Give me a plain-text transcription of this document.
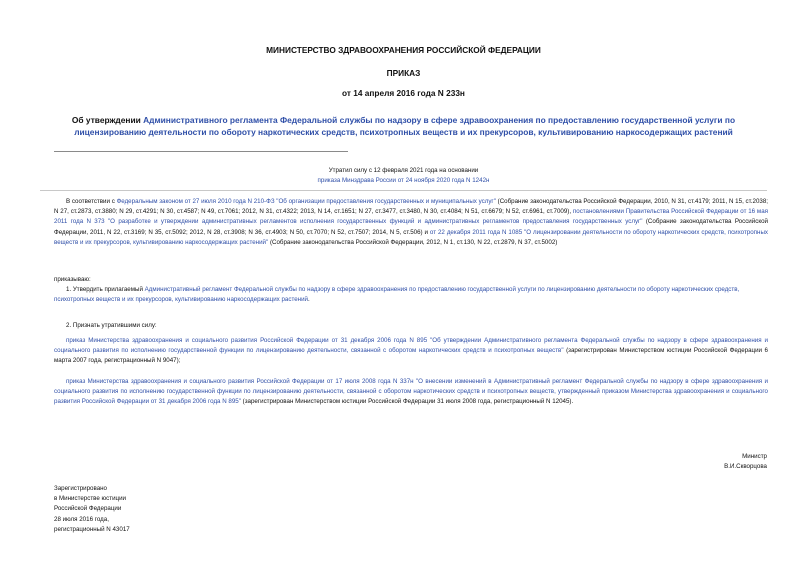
МИНИСТЕРСТВО ЗДРАВООХРАНЕНИЯ РОССИЙСКОЙ ФЕДЕРАЦИИ
ПРИКАЗ
от 14 апреля 2016 года N 233н
Об утверждении Административного регламента Федеральной службы по надзору в сфере здравоохранения по предоставлению государственной услуги по лицензированию деятельности по обороту наркотических средств, психотропных веществ и их прекурсоров, культивированию наркосодержащих растений
Утратил силу с 12 февраля 2021 года на основании
приказа Минздрава России от 24 ноября 2020 года N 1242н
В соответствии с Федеральным законом от 27 июля 2010 года N 210-ФЗ "Об организации предоставления государственных и муниципальных услуг" (Собрание законодательства Российской Федерации, 2010, N 31, ст.4179; 2011, N 15, ст.2038; N 27, ст.2873, ст.3880; N 29, ст.4291; N 30, ст.4587; N 49, ст.7061; 2012, N 31, ст.4322; 2013, N 14, ст.1651; N 27, ст.3477, ст.3480, N 30, ст.4084; N 51, ст.6679; N 52, ст.6961, ст.7009), постановлениями Правительства Российской Федерации от 16 мая 2011 года N 373 "О разработке и утверждении административных регламентов исполнения государственных функций и административных регламентов предоставления государственных услуг" (Собрание законодательства Российской Федерации, 2011, N 22, ст.3169; N 35, ст.5092; 2012, N 28, ст.3908; N 36, ст.4903; N 50, ст.7070; N 52, ст.7507; 2014, N 5, ст.506) и от 22 декабря 2011 года N 1085 "О лицензировании деятельности по обороту наркотических средств, психотропных веществ и их прекурсоров, культивированию наркосодержащих растений" (Собрание законодательства Российской Федерации, 2012, N 1, ст.130, N 22, ст.2879, N 37, ст.5002)
приказываю:
1. Утвердить прилагаемый Административный регламент Федеральной службы по надзору в сфере здравоохранения по предоставлению государственной услуги по лицензированию деятельности по обороту наркотических средств, психотропных веществ и их прекурсоров, культивированию наркосодержащих растений.
2. Признать утратившими силу:
приказ Министерства здравоохранения и социального развития Российской Федерации от 31 декабря 2006 года N 895 "Об утверждении Административного регламента Федеральной службы по надзору в сфере здравоохранения и социального развития по исполнению государственной функции по лицензированию деятельности, связанной с оборотом наркотических средств и психотропных веществ" (зарегистрирован Министерством юстиции Российской Федерации 6 марта 2007 года, регистрационный N 9047);
приказ Министерства здравоохранения и социального развития Российской Федерации от 17 июля 2008 года N 337н "О внесении изменений в Административный регламент Федеральной службы по надзору в сфере здравоохранения и социального развития по исполнению государственной функции по лицензированию деятельности, связанной с оборотом наркотических средств и психотропных веществ, утвержденный приказом Министерства здравоохранения и социального развития Российской Федерации от 31 декабря 2006 года N 895" (зарегистрирован Министерством юстиции Российской Федерации 31 июля 2008 года, регистрационный N 12045).
Министр
В.И.Скворцова
Зарегистрировано
в Министерстве юстиции
Российской Федерации
28 июля 2016 года,
регистрационный N 43017
